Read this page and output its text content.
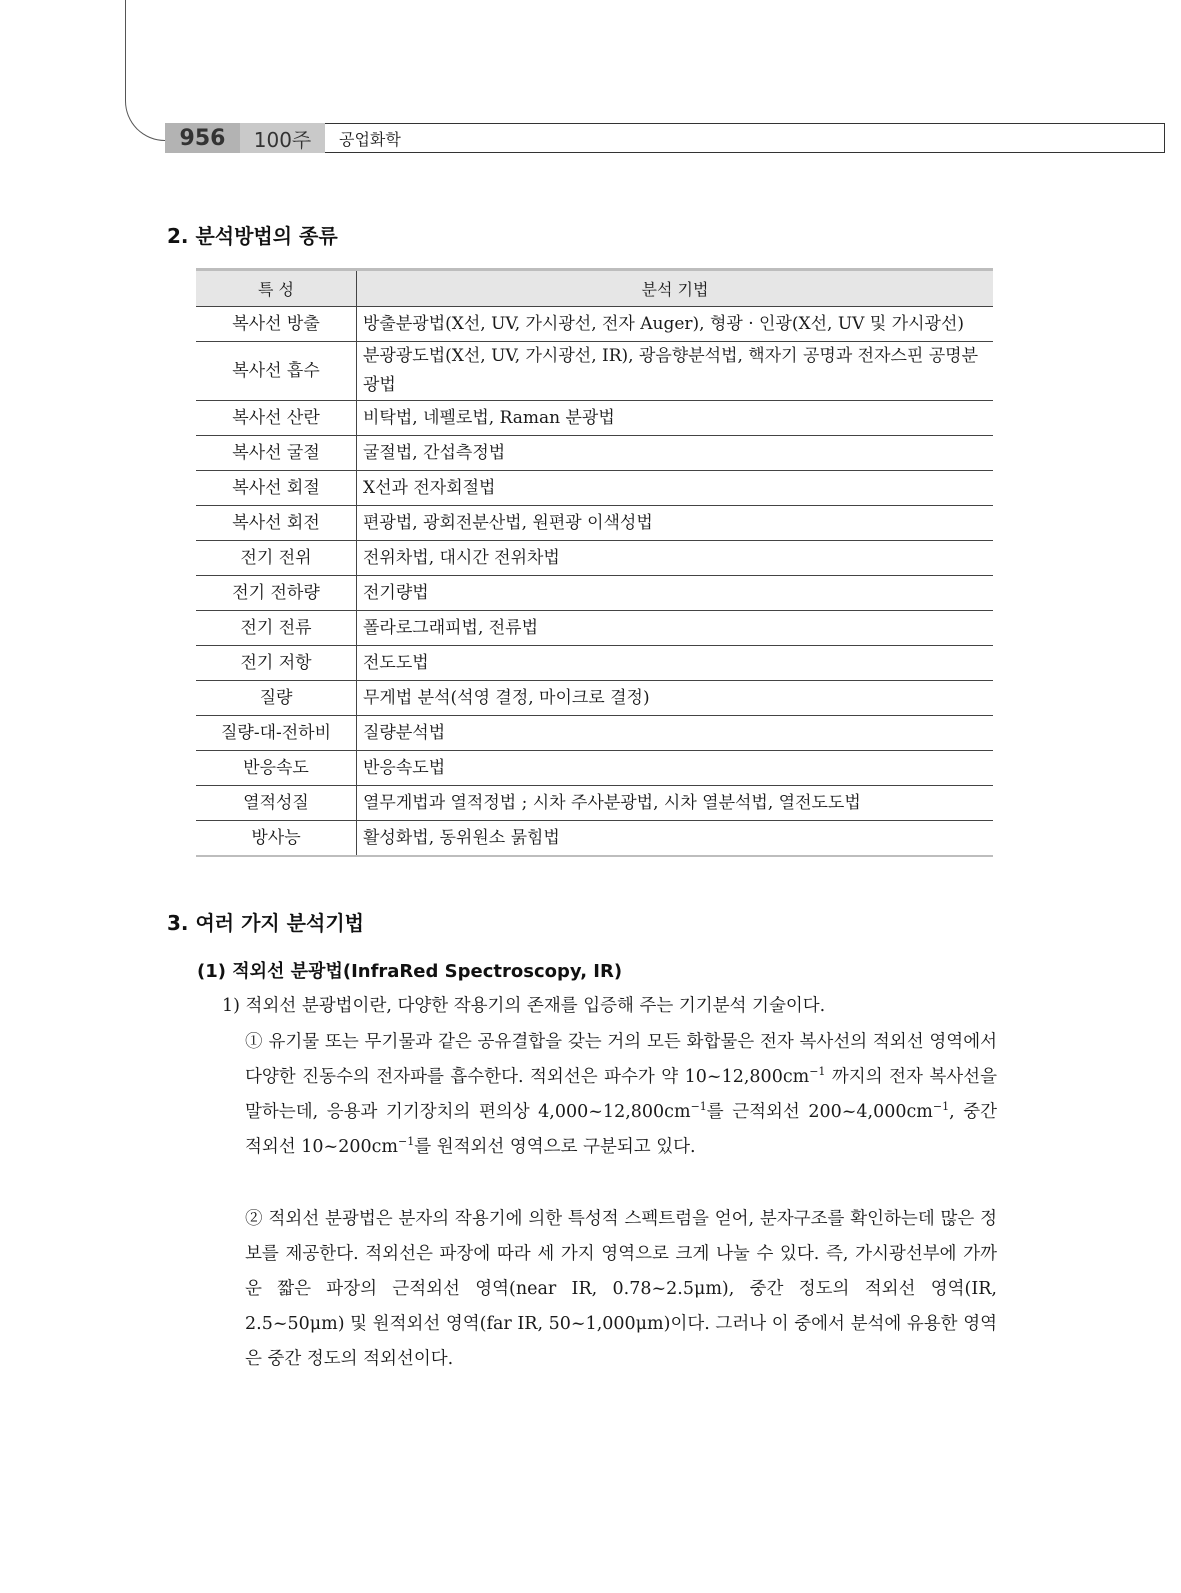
956	100주	공업화학
2. 분석방법의 종류
특 성	분석 기법
복사선 방출	방출분광법(X선, UV, 가시광선, 전자 Auger), 형광 · 인광(X선, UV 및 가시광선)
복사선 흡수	분광광도법(X선, UV, 가시광선, IR), 광음향분석법, 핵자기 공명과 전자스핀 공명분광법
복사선 산란	비탁법, 네펠로법, Raman 분광법
복사선 굴절	굴절법, 간섭측정법
복사선 회절	X선과 전자회절법
복사선 회전	편광법, 광회전분산법, 원편광 이색성법
전기 전위	전위차법, 대시간 전위차법
전기 전하량	전기량법
전기 전류	폴라로그래피법, 전류법
전기 저항	전도도법
질량	무게법 분석(석영 결정, 마이크로 결정)
질량-대-전하비	질량분석법
반응속도	반응속도법
열적성질	열무게법과 열적정법 ; 시차 주사분광법, 시차 열분석법, 열전도도법
방사능	활성화법, 동위원소 묽힘법
3. 여러 가지 분석기법
(1) 적외선 분광법(InfraRed Spectroscopy, IR)

1) 적외선 분광법이란, 다양한 작용기의 존재를 입증해 주는 기기분석 기술이다.

① 유기물 또는 무기물과 같은 공유결합을 갖는 거의 모든 화합물은 전자 복사선의 적외선 영역에서 다양한 진동수의 전자파를 흡수한다. 적외선은 파수가 약 $10\sim 12,800cm^{-1}$ 까지의 전자 복사선을 말하는데, 응용과 기기장치의 편의상 $4,000\sim 12,800cm^{-1}$를 근적외선 $200\sim 4,000cm^{-1}$, 중간 적외선 $10\sim 200cm^{-1}$를 원적외선 영역으로 구분되고 있다.

② 적외선 분광법은 분자의 작용기에 의한 특성적 스펙트럼을 얻어, 분자구조를 확인하는데 많은 정보를 제공한다. 적외선은 파장에 따라 세 가지 영역으로 크게 나눌 수 있다. 즉, 가시광선부에 가까운 짧은 파장의 근적외선 영역(near IR, 0.78~2.5μm), 중간 정도의 적외선 영역(IR, 2.5~50μm) 및 원적외선 영역(far IR, 50~1,000μm)이다. 그러나 이 중에서 분석에 유용한 영역은 중간 정도의 적외선이다.
